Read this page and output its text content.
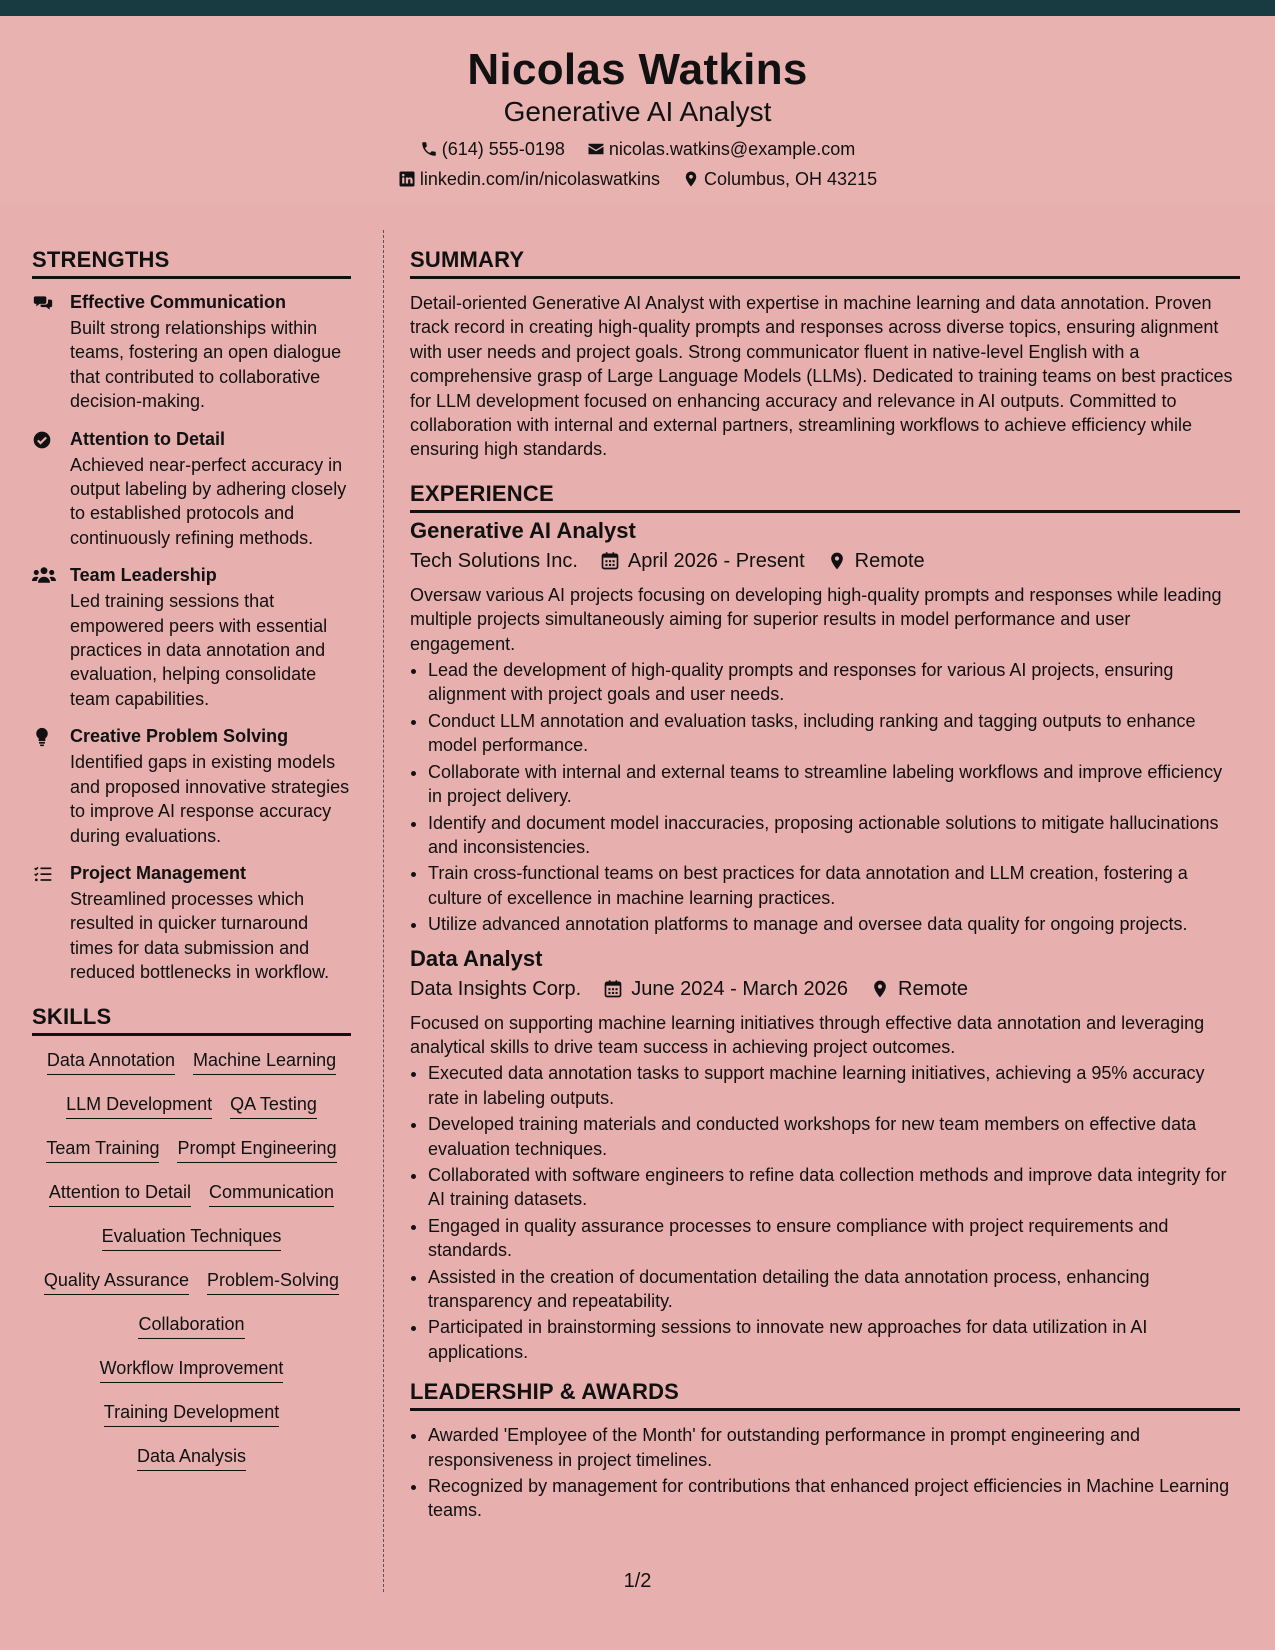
Nicolas Watkins
Generative AI Analyst
(614) 555-0198 nicolas.watkins@example.com
linkedin.com/in/nicolaswatkins Columbus, OH 43215
STRENGTHS
Effective Communication
Built strong relationships within teams, fostering an open dialogue that contributed to collaborative decision-making.
Attention to Detail
Achieved near-perfect accuracy in output labeling by adhering closely to established protocols and continuously refining methods.
Team Leadership
Led training sessions that empowered peers with essential practices in data annotation and evaluation, helping consolidate team capabilities.
Creative Problem Solving
Identified gaps in existing models and proposed innovative strategies to improve AI response accuracy during evaluations.
Project Management
Streamlined processes which resulted in quicker turnaround times for data submission and reduced bottlenecks in workflow.
SKILLS
Data Annotation Machine Learning
LLM Development QA Testing
Team Training Prompt Engineering
Attention to Detail Communication
Evaluation Techniques
Quality Assurance Problem-Solving
Collaboration
Workflow Improvement
Training Development
Data Analysis
SUMMARY
Detail-oriented Generative AI Analyst with expertise in machine learning and data annotation. Proven track record in creating high-quality prompts and responses across diverse topics, ensuring alignment with user needs and project goals. Strong communicator fluent in native-level English with a comprehensive grasp of Large Language Models (LLMs). Dedicated to training teams on best practices for LLM development focused on enhancing accuracy and relevance in AI outputs. Committed to collaboration with internal and external partners, streamlining workflows to achieve efficiency while ensuring high standards.
EXPERIENCE
Generative AI Analyst
Tech Solutions Inc.	April 2026 - Present	Remote
Oversaw various AI projects focusing on developing high-quality prompts and responses while leading multiple projects simultaneously aiming for superior results in model performance and user engagement.
• Lead the development of high-quality prompts and responses for various AI projects, ensuring alignment with project goals and user needs.
• Conduct LLM annotation and evaluation tasks, including ranking and tagging outputs to enhance model performance.
• Collaborate with internal and external teams to streamline labeling workflows and improve efficiency in project delivery.
• Identify and document model inaccuracies, proposing actionable solutions to mitigate hallucinations and inconsistencies.
• Train cross-functional teams on best practices for data annotation and LLM creation, fostering a culture of excellence in machine learning practices.
• Utilize advanced annotation platforms to manage and oversee data quality for ongoing projects.
Data Analyst
Data Insights Corp.	June 2024 - March 2026	Remote
Focused on supporting machine learning initiatives through effective data annotation and leveraging analytical skills to drive team success in achieving project outcomes.
• Executed data annotation tasks to support machine learning initiatives, achieving a 95% accuracy rate in labeling outputs.
• Developed training materials and conducted workshops for new team members on effective data evaluation techniques.
• Collaborated with software engineers to refine data collection methods and improve data integrity for AI training datasets.
• Engaged in quality assurance processes to ensure compliance with project requirements and standards.
• Assisted in the creation of documentation detailing the data annotation process, enhancing transparency and repeatability.
• Participated in brainstorming sessions to innovate new approaches for data utilization in AI applications.
LEADERSHIP & AWARDS
• Awarded 'Employee of the Month' for outstanding performance in prompt engineering and responsiveness in project timelines.
• Recognized by management for contributions that enhanced project efficiencies in Machine Learning teams.
1/2
